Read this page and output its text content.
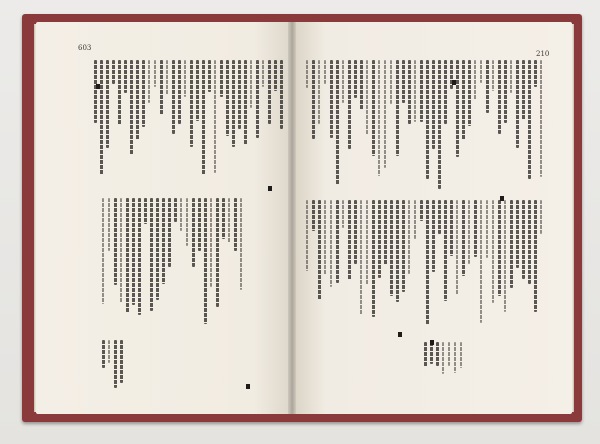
603
210
